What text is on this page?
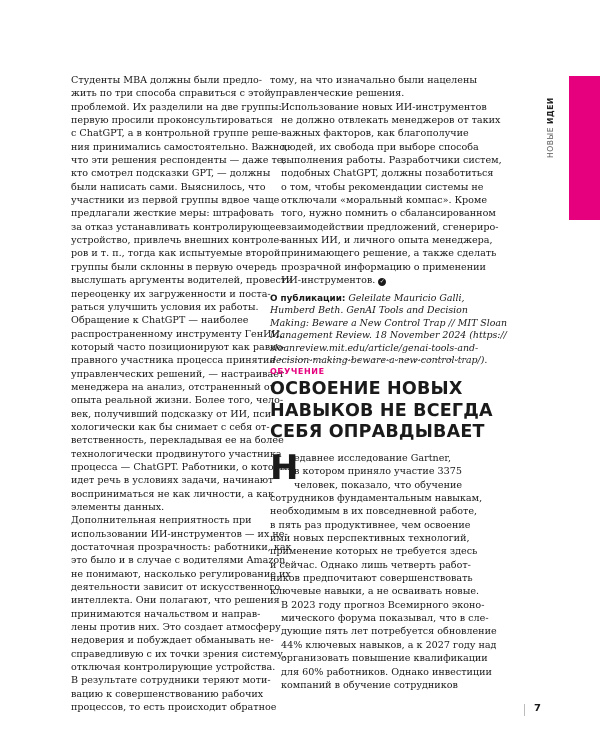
Студенты MBA должны были предло-
жить по три способа справиться с этой
проблемой. Их разделили на две группы:
первую просили проконсультироваться
с ChatGPT, а в контрольной группе реше-
ния принимались самостоятельно. Важно,
что эти решения респонденты — даже те,
кто смотрел подсказки GPT, — должны
были написать сами. Выяснилось, что
участники из первой группы вдвое чаще
предлагали жесткие меры: штрафовать
за отказ устанавливать контролирующее
устройство, привлечь внешних контроле-
ров и т. п., тогда как испытуемые второй
группы были склонны в первую очередь
выслушать аргументы водителей, провести
переоценку их загруженности и поста-
раться улучшить условия их работы.
Обращение к ChatGPT — наиболее
распространенному инструменту ГенИИ,
который часто позиционируют как равно-
правного участника процесса принятия
управленческих решений, — настраивает
менеджера на анализ, отстраненный от
опыта реальной жизни. Более того, чело-
век, получивший подсказку от ИИ, пси-
хологически как бы снимает с себя от-
ветственность, перекладывая ее на более
технологически продвинутого участника
процесса — ChatGPT. Работники, о которых
идет речь в условиях задачи, начинают
восприниматься не как личности, а как
элементы данных.
Дополнительная неприятность при
использовании ИИ-инструментов — их не-
достаточная прозрачность: работники, как
это было и в случае с водителями Amazon,
не понимают, насколько регулирование их
деятельности зависит от искусственного
интеллекта. Они полагают, что решения
принимаются начальством и направ-
лены против них. Это создает атмосферу
недоверия и побуждает обманывать не-
справедливую с их точки зрения систему,
отключая контролирующие устройства.
В результате сотрудники теряют моти-
вацию к совершенствованию рабочих
процессов, то есть происходит обратное
тому, на что изначально были нацелены
управленческие решения.
Использование новых ИИ-инструментов
не должно отвлекать менеджеров от таких
важных факторов, как благополучие
людей, их свобода при выборе способа
выполнения работы. Разработчики систем,
подобных ChatGPT, должны позаботиться
о том, чтобы рекомендации системы не
отключали «моральный компас». Кроме
того, нужно помнить о сбалансированном
взаимодействии предложений, сгенериро-
ванных ИИ, и личного опыта менеджера,
принимающего решение, а также сделать
прозрачной информацию о применении
ИИ-инструментов. ✓
О публикации: Geleilate Mauricio Galli,
Humberd Beth. GenAI Tools and Decision
Making: Beware a New Control Trap // MIT Sloan
Management Review. 18 November 2024 (https://
sloanreview.mit.edu/article/genai-tools-and-
decision-making-beware-a-new-control-trap/).
ОБУЧЕНИЕ
ОСВОЕНИЕ НОВЫХ
НАВЫКОВ НЕ ВСЕГДА
СЕБЯ ОПРАВДЫВАЕТ
Н
едавнее исследование Gartner,
в котором приняло участие 3375
человек, показало, что обучение
сотрудников фундаментальным навыкам,
необходимым в их повседневной работе,
в пять раз продуктивнее, чем освоение
ими новых перспективных технологий,
применение которых не требуется здесь
и сейчас. Однако лишь четверть работ-
ников предпочитают совершенствовать
ключевые навыки, а не осваивать новые.
В 2023 году прогноз Всемирного эконо-
мического форума показывал, что в сле-
дующие пять лет потребуется обновление
44% ключевых навыков, а к 2027 году над
организовать повышение квалификации
для 60% работников. Однако инвестиции
компаний в обучение сотрудников
НОВЫЕ ИДЕИ
7
